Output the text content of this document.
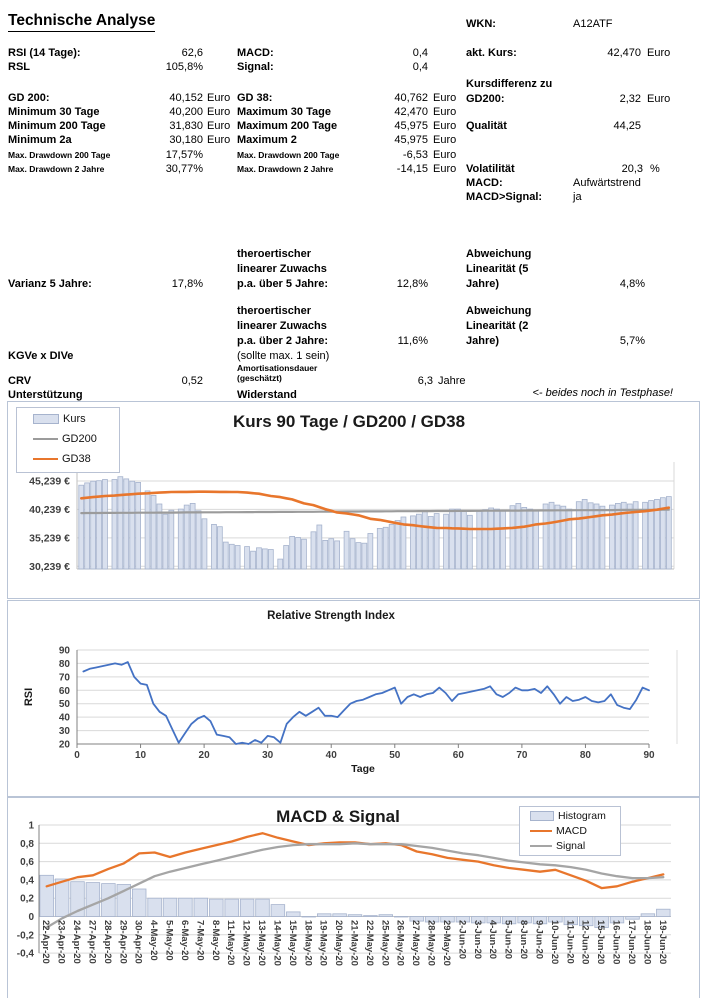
Technische Analyse
RSI (14 Tage):	62,6	MACD:	0,4
RSL	105,8%	Signal:	0,4
GD 200:	40,152 Euro GD 38:	40,762 Euro
Minimum 30 Tage	40,200 Euro Maximum 30 Tage	42,470 Euro
Minimum 200 Tage	31,830 Euro Maximum 200 Tage	45,975 Euro
Minimum 2a	30,180 Euro Maximum 2	45,975 Euro
Max. Drawdown 200 Tage	17,57%	Max. Drawdown 200 Tage	-6,53 Euro
Max. Drawdown 2 Jahre	30,77%	Max. Drawdown 2 Jahre	-14,15 Euro
WKN:	A12ATF
akt. Kurs:	42,470 Euro
Kursdifferenz zu
GD200:	2,32 Euro
Qualität	44,25
Volatilität	20,3 %
MACD:	Aufwärtstrend
MACD>Signal:	ja
theroertischer
linearer Zuwachs
p.a. über 5 Jahre:	12,8%
Varianz 5 Jahre:	17,8%
Abweichung
Linearität (5
Jahre)	4,8%
theroertischer
linearer Zuwachs
p.a. über 2 Jahre:	11,6%
(sollte max. 1 sein)
Abweichung
Linearität (2
Jahre)	5,7%
KGVe x DIVe
Amortisationsdauer
(geschätzt)	6,3 Jahre
CRV	0,52
Unterstützung	Widerstand	<- beides noch in Testphase!
45,239 €
40,239 €
35,239 €
30,239 €
Kurs 90 Tage / GD200 / GD38
Kurs
GD200
GD38
90
80
70
60
50
40
30
20
0	10	20	30	40	50	60	70	80	90
RSI
Tage
Relative Strength Index
1
0,8
0,6
0,4
0,2
0
-0,2
-0,4 22-Apr-20 23-Apr-20 24-Apr-20 27-Apr-20 28-Apr-20 29-Apr-20 30-Apr-20 4-May-20 5-May-20 6-May-20 7-May-20 8-May-20 11-May-20 12-May-20 13-May-20 14-May-20 15-May-20 18-May-20 19-May-20 20-May-20 21-May-20 22-May-20 25-May-20 26-May-20 27-May-20 28-May-20 29-May-20 2-Jun-20 3-Jun-20 4-Jun-20 5-Jun-20 8-Jun-20 9-Jun-20 10-Jun-20 11-Jun-20 12-Jun-20 15-Jun-20 16-Jun-20 17-Jun-20 18-Jun-20 19-Jun-20
MACD & Signal	Histogram
MACD
Signal
